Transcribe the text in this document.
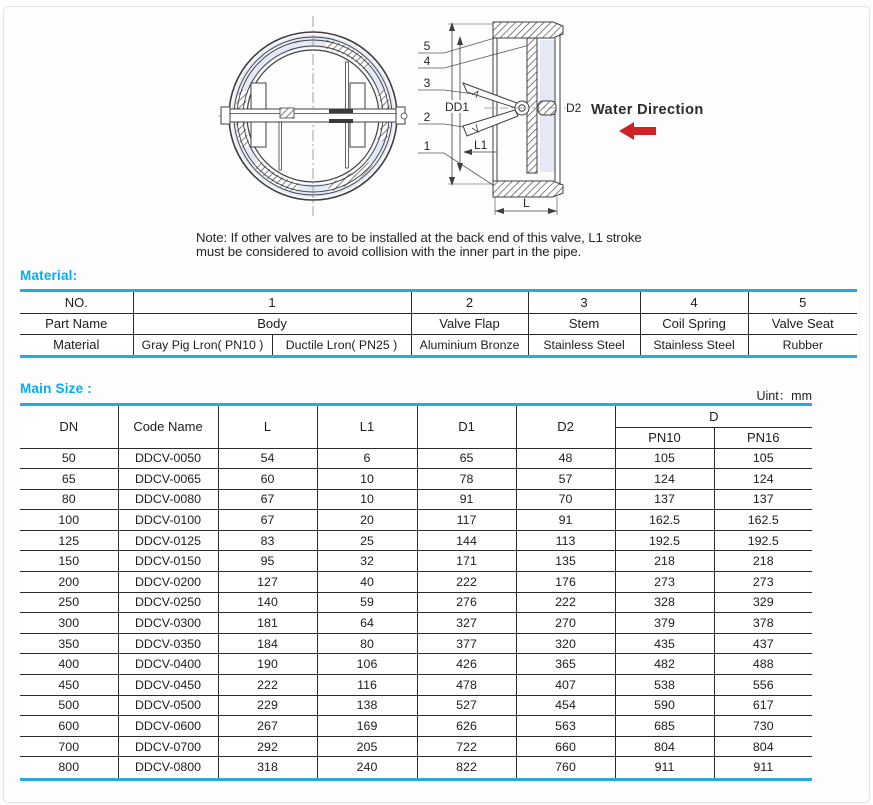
5
4
3
2
1
DD1	D2
L1
L
Water Direction
Note: If other valves are to be installed at the back end of this valve, L1 stroke
must be considered to avoid collision with the inner part in the pipe.
Material:
NO.	1		2	3	4	5
Part Name	Body		Valve Flap	Stem	Coil Spring	Valve Seat
Material	Gray Pig Lron( PN10 )	Ductile Lron( PN25 )	Aluminium Bronze	Stainless Steel	Stainless Steel	Rubber
Main Size :	Uint：mm
DN	Code Name	L	L1	D1	D2	D	
						PN10	PN16
50	DDCV-0050	54	6	65	48	105	105
65	DDCV-0065	60	10	78	57	124	124
80	DDCV-0080	67	10	91	70	137	137
100	DDCV-0100	67	20	117	91	162.5	162.5
125	DDCV-0125	83	25	144	113	192.5	192.5
150	DDCV-0150	95	32	171	135	218	218
200	DDCV-0200	127	40	222	176	273	273
250	DDCV-0250	140	59	276	222	328	329
300	DDCV-0300	181	64	327	270	379	378
350	DDCV-0350	184	80	377	320	435	437
400	DDCV-0400	190	106	426	365	482	488
450	DDCV-0450	222	116	478	407	538	556
500	DDCV-0500	229	138	527	454	590	617
600	DDCV-0600	267	169	626	563	685	730
700	DDCV-0700	292	205	722	660	804	804
800	DDCV-0800	318	240	822	760	911	911
